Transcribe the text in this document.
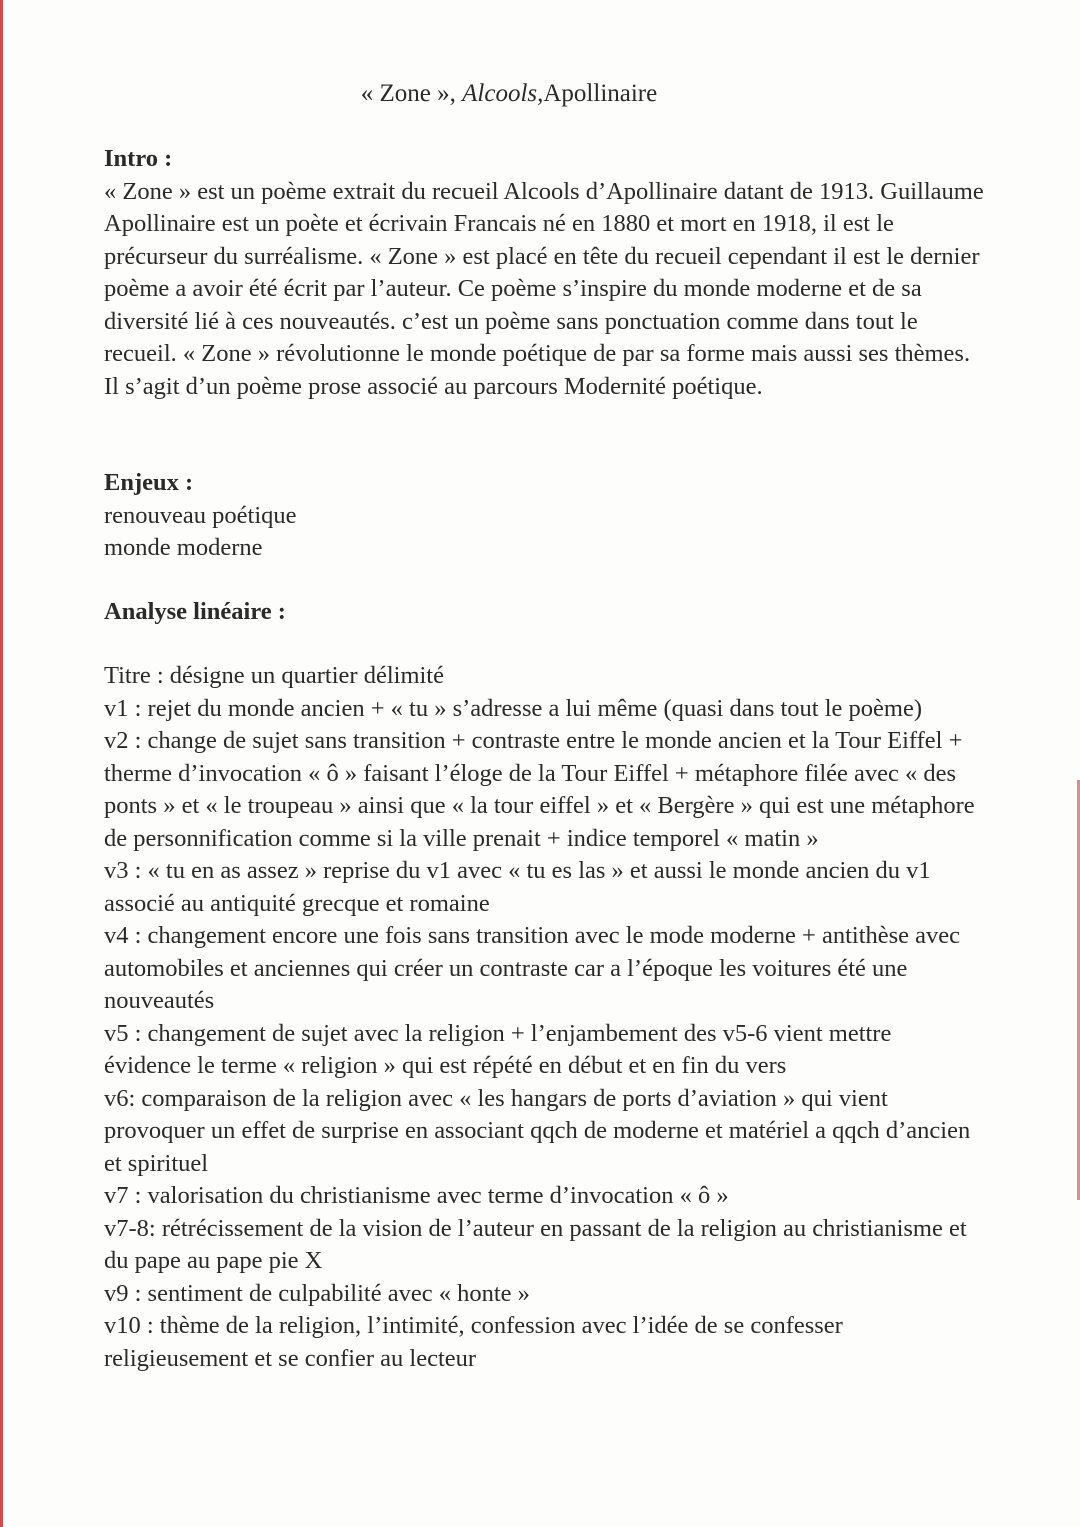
« Zone », Alcools,Apollinaire

Intro :

« Zone » est un poème extrait du recueil Alcools d’Apollinaire datant de 1913. Guillaume Apollinaire est un poète et écrivain Francais né en 1880 et mort en 1918, il est le précurseur du surréalisme. « Zone » est placé en tête du recueil cependant il est le dernier poème a avoir été écrit par l’auteur. Ce poème s’inspire du monde moderne et de sa diversité lié à ces nouveautés. c’est un poème sans ponctuation comme dans tout le recueil. « Zone » révolutionne le monde poétique de par sa forme mais aussi ses thèmes. Il s’agit d’un poème prose associé au parcours Modernité poétique.

Enjeux :

renouveau poétique

monde moderne

Analyse linéaire :

Titre : désigne un quartier délimité

v1 : rejet du monde ancien + « tu » s’adresse a lui même (quasi dans tout le poème)

v2 : change de sujet sans transition + contraste entre le monde ancien et la Tour Eiffel + therme d’invocation « ô » faisant l’éloge de la Tour Eiffel + métaphore filée avec « des ponts » et « le troupeau » ainsi que « la tour eiffel » et « Bergère » qui est une métaphore de personnification comme si la ville prenait + indice temporel « matin »

v3 : « tu en as assez » reprise du v1 avec « tu es las » et aussi le monde ancien du v1 associé au antiquité grecque et romaine

v4 : changement encore une fois sans transition avec le mode moderne + antithèse avec automobiles et anciennes qui créer un contraste car a l’époque les voitures été une nouveautés

v5 : changement de sujet avec la religion + l’enjambement des v5-6 vient mettre évidence le terme « religion » qui est répété en début et en fin du vers

v6: comparaison de la religion avec « les hangars de ports d’aviation » qui vient provoquer un effet de surprise en associant qqch de moderne et matériel a qqch d’ancien et spirituel

v7 : valorisation du christianisme avec terme d’invocation « ô »

v7-8: rétrécissement de la vision de l’auteur en passant de la religion au christianisme et du pape au pape pie X

v9 : sentiment de culpabilité avec « honte »

v10 : thème de la religion, l’intimité, confession avec l’idée de se confesser religieusement et se confier au lecteur
